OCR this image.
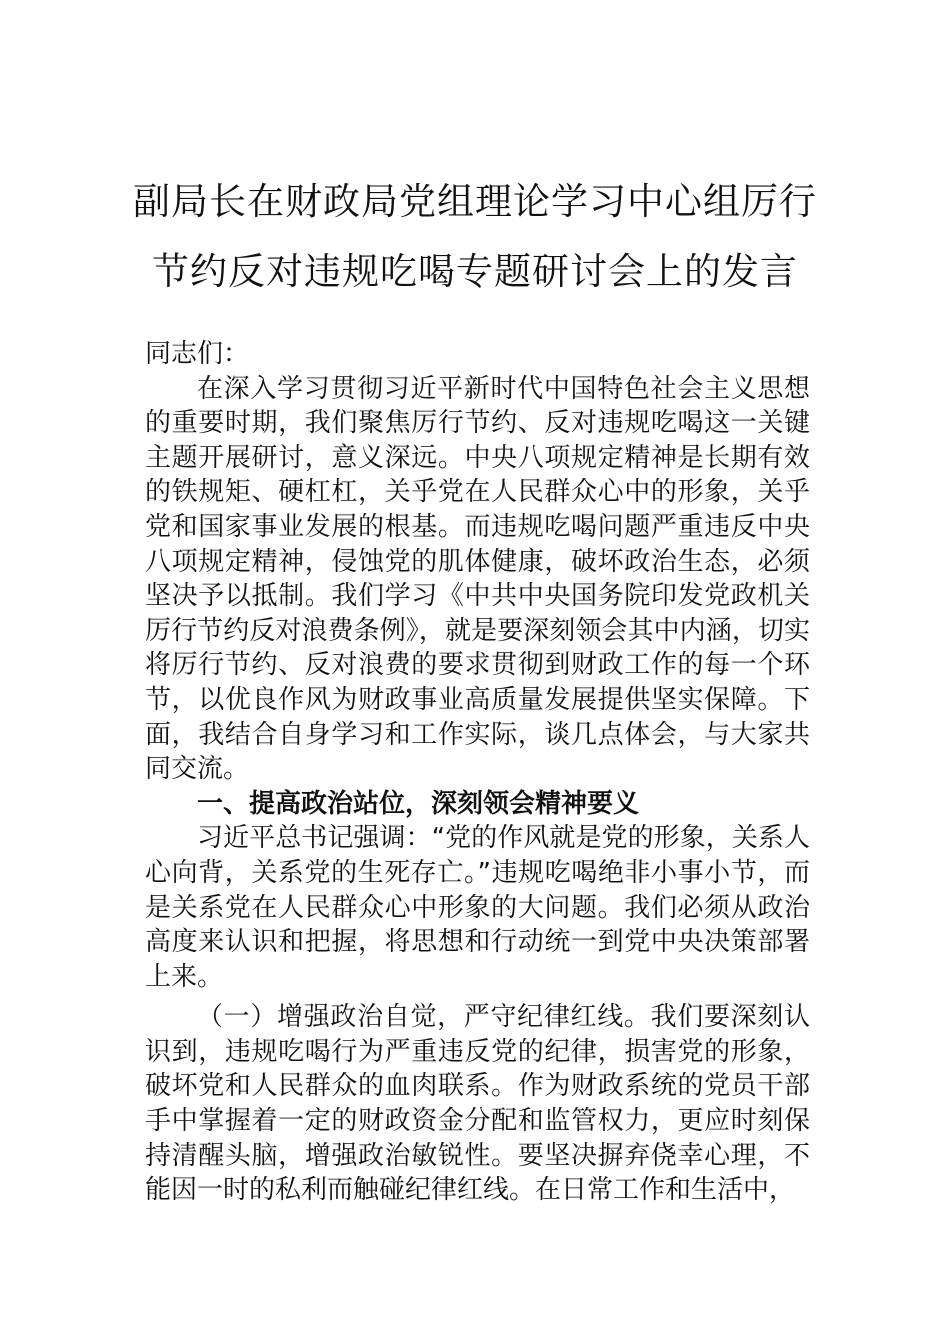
副局长在财政局党组理论学习中心组厉行
节约反对违规吃喝专题研讨会上的发言

同志们：

在深入学习贯彻习近平新时代中国特色社会主义思想的重要时期，我们聚焦厉行节约、反对违规吃喝这一关键主题开展研讨，意义深远。中央八项规定精神是长期有效的铁规矩、硬杠杠，关乎党在人民群众心中的形象，关乎党和国家事业发展的根基。而违规吃喝问题严重违反中央八项规定精神，侵蚀党的肌体健康，破坏政治生态，必须坚决予以抵制。我们学习《中共中央国务院印发党政机关厉行节约反对浪费条例》，就是要深刻领会其中内涵，切实将厉行节约、反对浪费的要求贯彻到财政工作的每一个环节，以优良作风为财政事业高质量发展提供坚实保障。下面，我结合自身学习和工作实际，谈几点体会，与大家共同交流。

一、提高政治站位，深刻领会精神要义

习近平总书记强调：“党的作风就是党的形象，关系人心向背，关系党的生死存亡。”违规吃喝绝非小事小节，而是关系党在人民群众心中形象的大问题。我们必须从政治高度来认识和把握，将思想和行动统一到党中央决策部署上来。

（一）增强政治自觉，严守纪律红线。我们要深刻认识到，违规吃喝行为严重违反党的纪律，损害党的形象，破坏党和人民群众的血肉联系。作为财政系统的党员干部手中掌握着一定的财政资金分配和监管权力，更应时刻保持清醒头脑，增强政治敏锐性。要坚决摒弃侥幸心理，不能因一时的私利而触碰纪律红线。在日常工作和生活中，
